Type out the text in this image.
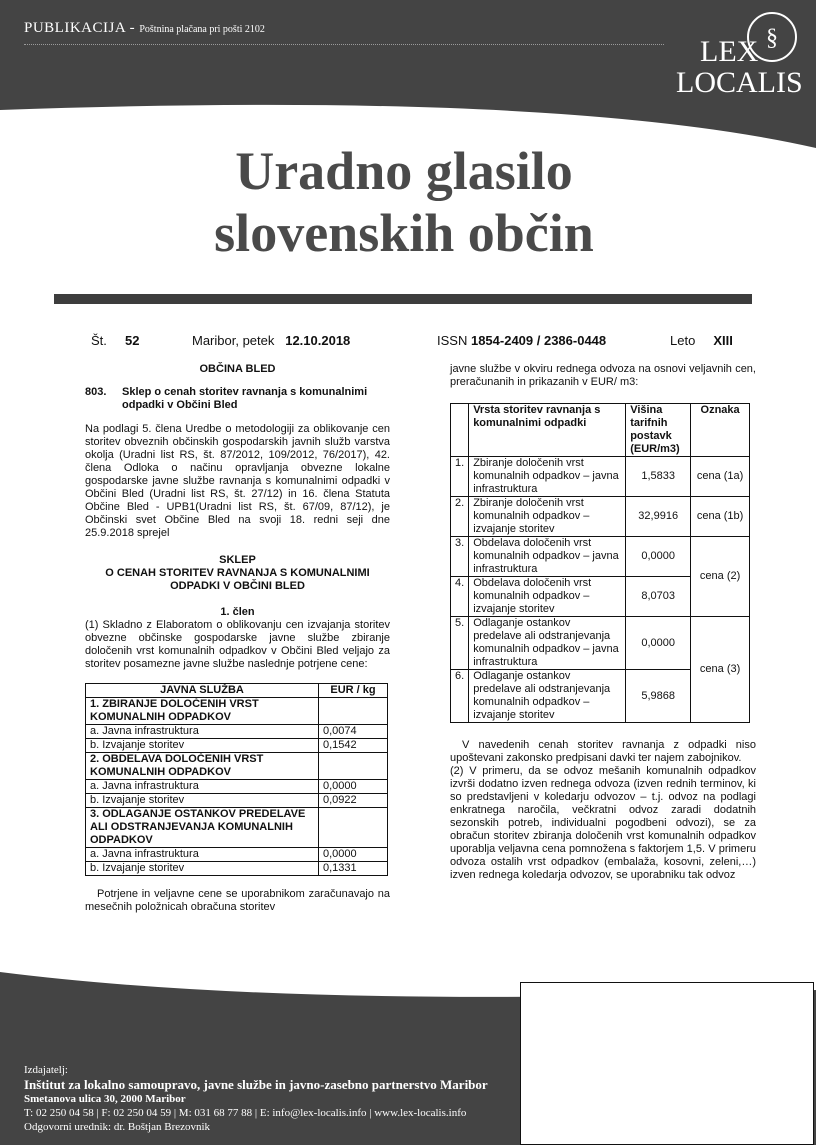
PUBLIKACIJA - Poštnina plačana pri pošti 2102	§
LEX
LOCALIS
Uradno glasilo
slovenskih občin
Št. 52	Maribor, petek 12.10.2018	ISSN 1854-2409 / 2386-0448	Leto XIII

OBČINA BLED

803.	Sklep o cenah storitev ravnanja s komunalnimi
odpadki v Občini Bled

Na podlagi 5. člena Uredbe o metodologiji za oblikovanje cen storitev obveznih občinskih gospodarskih javnih služb varstva okolja (Uradni list RS, št. 87/2012, 109/2012, 76/2017), 42. člena Odloka o načinu opravljanja obvezne lokalne gospodarske javne službe ravnanja s komunalnimi odpadki v Občini Bled (Uradni list RS, št. 27/12) in 16. člena Statuta Občine Bled - UPB1(Uradni list RS, št. 67/09, 87/12), je Občinski svet Občine Bled na svoji 18. redni seji dne 25.9.2018 sprejel

SKLEP

O CENAH STORITEV RAVNANJA S KOMUNALNIMI
ODPADKI V OBČINI BLED

1. člen

(1) Skladno z Elaboratom o oblikovanju cen izvajanja storitev obvezne občinske gospodarske javne službe zbiranje določenih vrst komunalnih odpadkov v Občini Bled veljajo za storitev posamezne javne službe naslednje potrjene cene:

JAVNA SLUŽBA	EUR / kg
1. ZBIRANJE DOLOČENIH VRST KOMUNALNIH ODPADKOV	
a. Javna infrastruktura	0,0074
b. Izvajanje storitev	0,1542
2. OBDELAVA DOLOČENIH VRST KOMUNALNIH ODPADKOV	
a. Javna infrastruktura	0,0000
b. Izvajanje storitev	0,0922
3. ODLAGANJE OSTANKOV PREDELAVE ALI ODSTRANJEVANJA KOMUNALNIH ODPADKOV	
a. Javna infrastruktura	0,0000
b. Izvajanje storitev	0,1331

Potrjene in veljavne cene se uporabnikom zaračunavajo na mesečnih položnicah obračuna storitev

javne službe v okviru rednega odvoza na osnovi veljavnih cen, preračunanih in prikazanih v EUR/ m3:

	Vrsta storitev ravnanja s komunalnimi odpadki	Višina tarifnih postavk (EUR/m3)	Oznaka
1.	Zbiranje določenih vrst komunalnih odpadkov – javna infrastruktura	1,5833	cena (1a)
2.	Zbiranje določenih vrst komunalnih odpadkov – izvajanje storitev	32,9916	cena (1b)
3.	Obdelava določenih vrst komunalnih odpadkov – javna infrastruktura	0,0000	cena (2)
4.	Obdelava določenih vrst komunalnih odpadkov – izvajanje storitev	8,0703	
5.	Odlaganje ostankov predelave ali odstranjevanja komunalnih odpadkov – javna infrastruktura	0,0000	cena (3)
6.	Odlaganje ostankov predelave ali odstranjevanja komunalnih odpadkov – izvajanje storitev	5,9868	

V navedenih cenah storitev ravnanja z odpadki niso upoštevani zakonsko predpisani davki ter najem zabojnikov.

(2) V primeru, da se odvoz mešanih komunalnih odpadkov izvrši dodatno izven rednega odvoza (izven rednih terminov, ki so predstavljeni v koledarju odvozov – t.j. odvoz na podlagi enkratnega naročila, večkratni odvoz zaradi dodatnih sezonskih potreb, individualni pogodbeni odvozi), se za obračun storitev zbiranja določenih vrst komunalnih odpadkov uporablja veljavna cena pomnožena s faktorjem 1,5. V primeru odvoza ostalih vrst odpadkov (embalaža, kosovni, zeleni,…) izven rednega koledarja odvozov, se uporabniku tak odvoz

Izdajatelj:
Inštitut za lokalno samoupravo, javne službe in javno-zasebno partnerstvo Maribor
Smetanova ulica 30, 2000 Maribor
T: 02 250 04 58 | F: 02 250 04 59 | M: 031 68 77 88 | E: info@lex-localis.info | www.lex-localis.info
Odgovorni urednik: dr. Boštjan Brezovnik
